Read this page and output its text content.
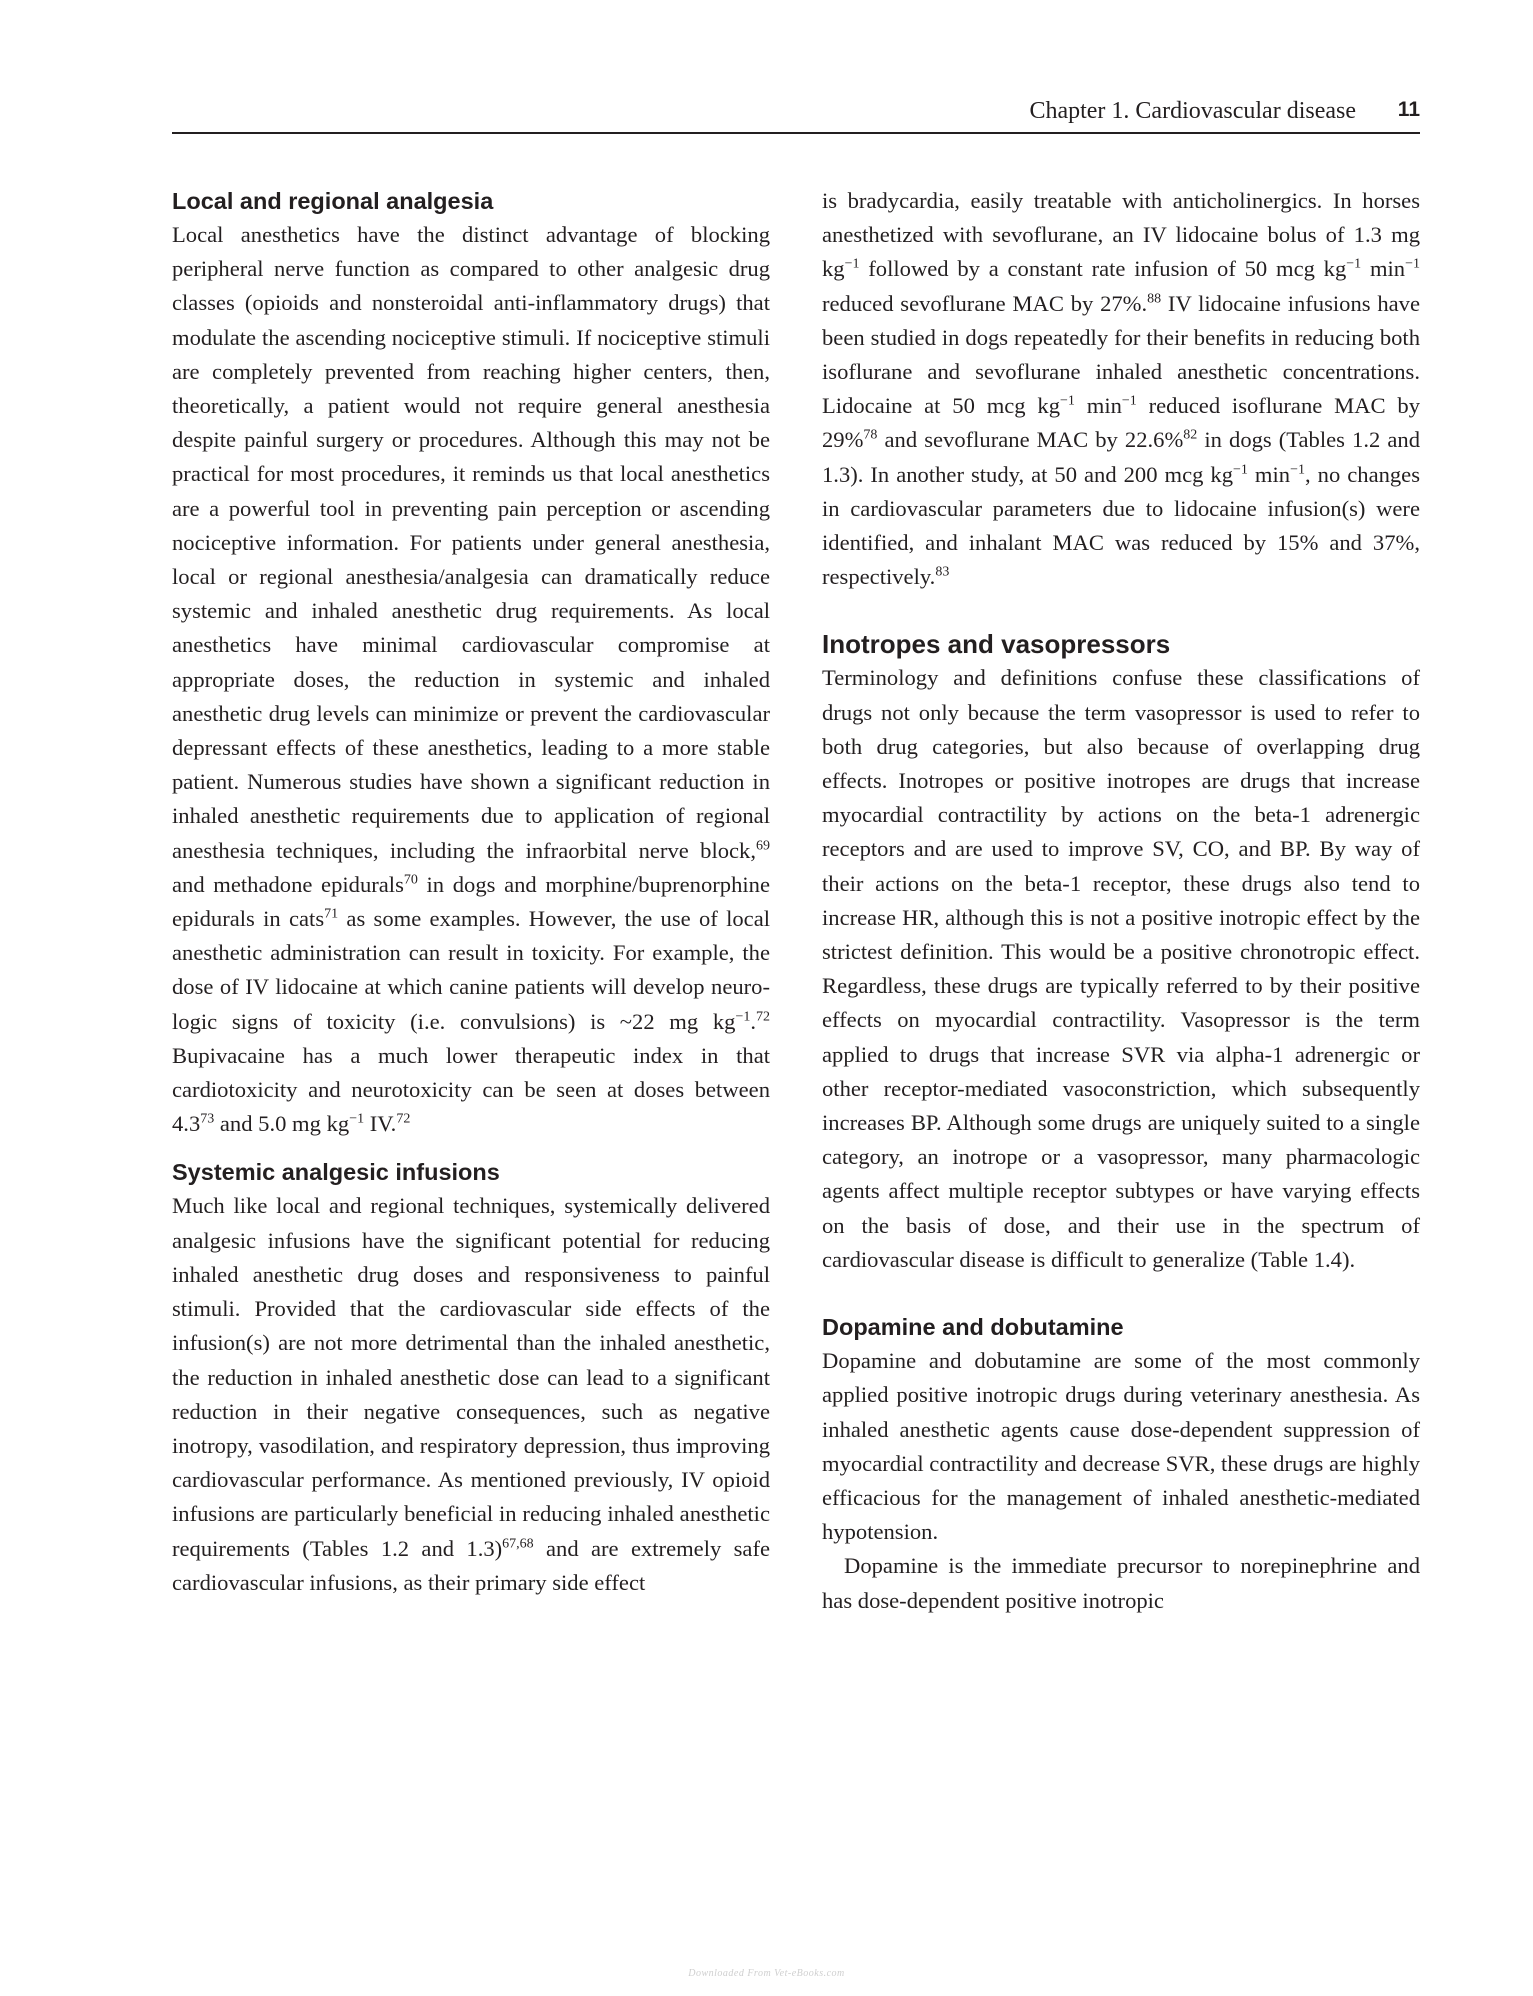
Chapter 1. Cardiovascular disease 11
Local and regional analgesia

Local anesthetics have the distinct advantage of blocking peripheral nerve function as compared to other analgesic drug classes (opioids and nonsteroidal anti-inflammatory drugs) that modulate the ascending nociceptive stimuli. If nociceptive stimuli are completely prevented from reaching higher centers, then, theoretically, a patient would not require general anesthesia despite painful surgery or procedures. Although this may not be practical for most procedures, it reminds us that local anesthetics are a powerful tool in preventing pain perception or ascending nociceptive information. For patients under general anesthesia, local or regional anesthesia/analgesia can dramatically reduce systemic and inhaled anesthetic drug requirements. As local anesthetics have minimal cardiovascular compromise at appropriate doses, the reduction in systemic and inhaled anesthetic drug levels can minimize or prevent the cardiovascular depressant effects of these anesthetics, leading to a more stable patient. Numerous studies have shown a significant reduction in inhaled anesthetic requirements due to application of regional anesthesia techniques, including the infraorbital nerve block,$^{69}$ and methadone epidurals$^{70}$ in dogs and morphine/buprenorphine epidurals in cats$^{71}$ as some examples. However, the use of local anesthetic administration can result in toxicity. For example, the dose of IV lidocaine at which canine patients will develop neurologic signs of toxicity (i.e. convulsions) is ~22 mg $kg^{-1}.^{72}$ Bupivacaine has a much lower therapeutic index in that cardiotoxicity and neurotoxicity can be seen at doses between $4.3^{73}$ and 5.0 mg $kg^{-1}$ IV.$^{72}$

Systemic analgesic infusions

Much like local and regional techniques, systemically delivered analgesic infusions have the significant potential for reducing inhaled anesthetic drug doses and responsiveness to painful stimuli. Provided that the cardiovascular side effects of the infusion(s) are not more detrimental than the inhaled anesthetic, the reduction in inhaled anesthetic dose can lead to a significant reduction in their negative consequences, such as negative inotropy, vasodilation, and respiratory depression, thus improving cardiovascular performance. As mentioned previously, IV opioid infusions are particularly beneficial in reducing inhaled anesthetic requirements (Tables 1.2 and 1.3)$^{67,68}$ and are extremely safe cardiovascular infusions, as their primary side effect

is bradycardia, easily treatable with anticholinergics. In horses anesthetized with sevoflurane, an IV lidocaine bolus of 1.3 mg $kg^{-1}$ followed by a constant rate infusion of 50 mcg $kg^{-1}$ $\min^{-1}$ reduced sevoflurane MAC by 27%.$^{88}$ IV lidocaine infusions have been studied in dogs repeatedly for their benefits in reducing both isoflurane and sevoflurane inhaled anesthetic concentrations. Lidocaine at 50 mcg $kg^{-1}$ $\min^{-1}$ reduced isoflurane MAC by 29%$^{78}$ and sevoflurane MAC by 22.6%$^{82}$ in dogs (Tables 1.2 and 1.3). In another study, at 50 and 200 mcg $kg^{-1}$ $\min^{-1}$, no changes in cardiovascular parameters due to lidocaine infusion(s) were identified, and inhalant MAC was reduced by 15% and 37%, respectively.$^{83}$

Inotropes and vasopressors

Terminology and definitions confuse these classifications of drugs not only because the term vasopressor is used to refer to both drug categories, but also because of overlapping drug effects. Inotropes or positive inotropes are drugs that increase myocardial contractility by actions on the beta-1 adrenergic receptors and are used to improve SV, CO, and BP. By way of their actions on the beta-1 receptor, these drugs also tend to increase HR, although this is not a positive inotropic effect by the strictest definition. This would be a positive chronotropic effect. Regardless, these drugs are typically referred to by their positive effects on myocardial contractility. Vasopressor is the term applied to drugs that increase SVR via alpha-1 adrenergic or other receptor-mediated vasoconstriction, which subsequently increases BP. Although some drugs are uniquely suited to a single category, an inotrope or a vasopressor, many pharmacologic agents affect multiple receptor subtypes or have varying effects on the basis of dose, and their use in the spectrum of cardiovascular disease is difficult to generalize (Table 1.4).

Dopamine and dobutamine

Dopamine and dobutamine are some of the most commonly applied positive inotropic drugs during veterinary anesthesia. As inhaled anesthetic agents cause dose-dependent suppression of myocardial contractility and decrease SVR, these drugs are highly efficacious for the management of inhaled anesthetic-mediated hypotension.

Dopamine is the immediate precursor to norepinephrine and has dose-dependent positive inotropic

Downloaded From Vet-eBooks.com
